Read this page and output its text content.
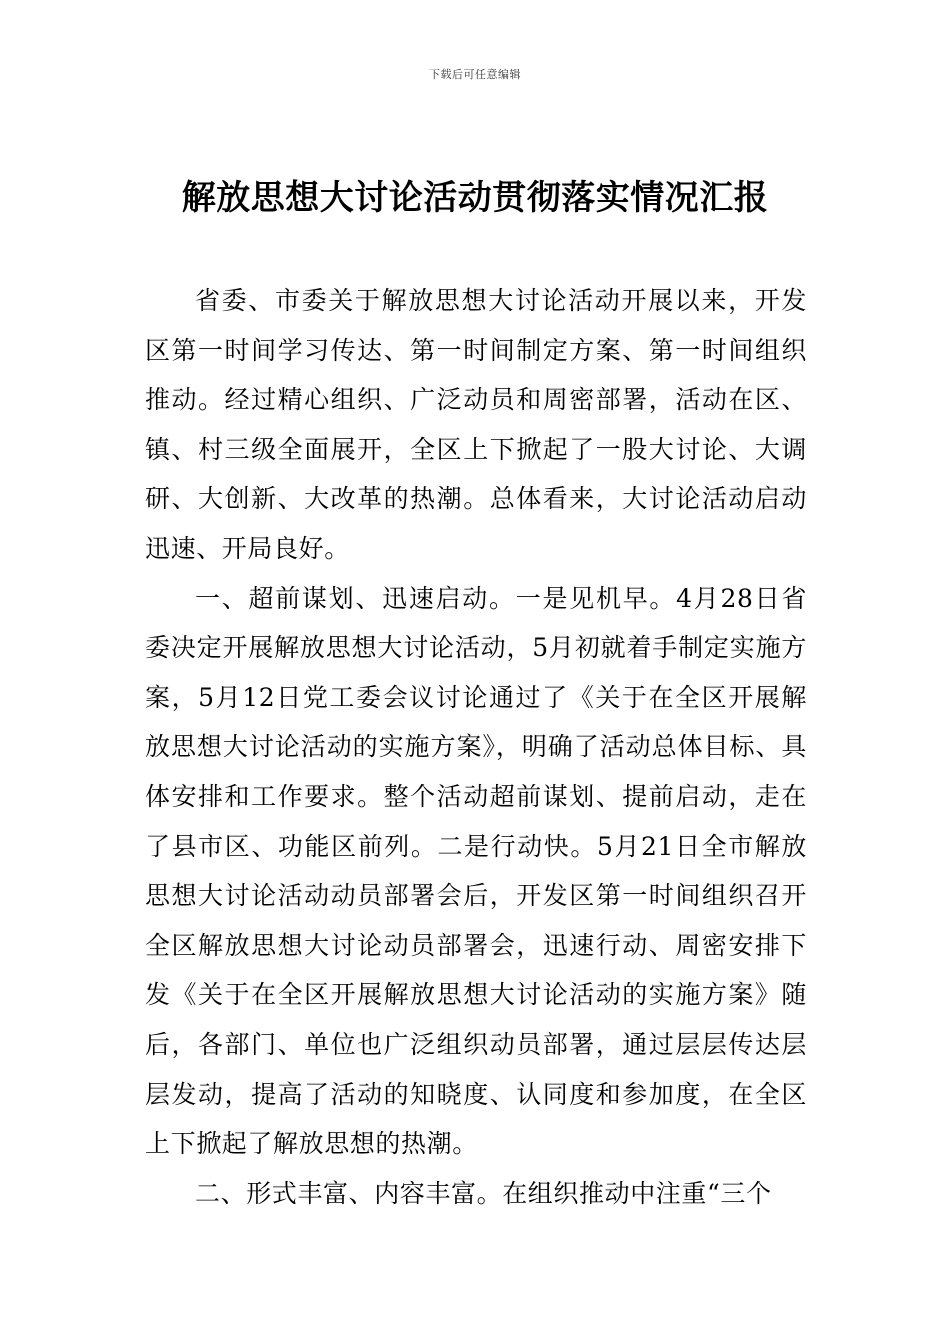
下载后可任意编辑
解放思想大讨论活动贯彻落实情况汇报

省委、市委关于解放思想大讨论活动开展以来，开发区第一时间学习传达、第一时间制定方案、第一时间组织推动。经过精心组织、广泛动员和周密部署，活动在区、镇、村三级全面展开，全区上下掀起了一股大讨论、大调研、大创新、大改革的热潮。总体看来，大讨论活动启动迅速、开局良好。

一、超前谋划、迅速启动。一是见机早。4月28日省委决定开展解放思想大讨论活动，5月初就着手制定实施方案，5月12日党工委会议讨论通过了《关于在全区开展解放思想大讨论活动的实施方案》，明确了活动总体目标、具体安排和工作要求。整个活动超前谋划、提前启动，走在了县市区、功能区前列。二是行动快。5月21日全市解放思想大讨论活动动员部署会后，开发区第一时间组织召开全区解放思想大讨论动员部署会，迅速行动、周密安排下发《关于在全区开展解放思想大讨论活动的实施方案》随后，各部门、单位也广泛组织动员部署，通过层层传达层层发动，提高了活动的知晓度、认同度和参加度，在全区上下掀起了解放思想的热潮。

二、形式丰富、内容丰富。在组织推动中注重“三个
